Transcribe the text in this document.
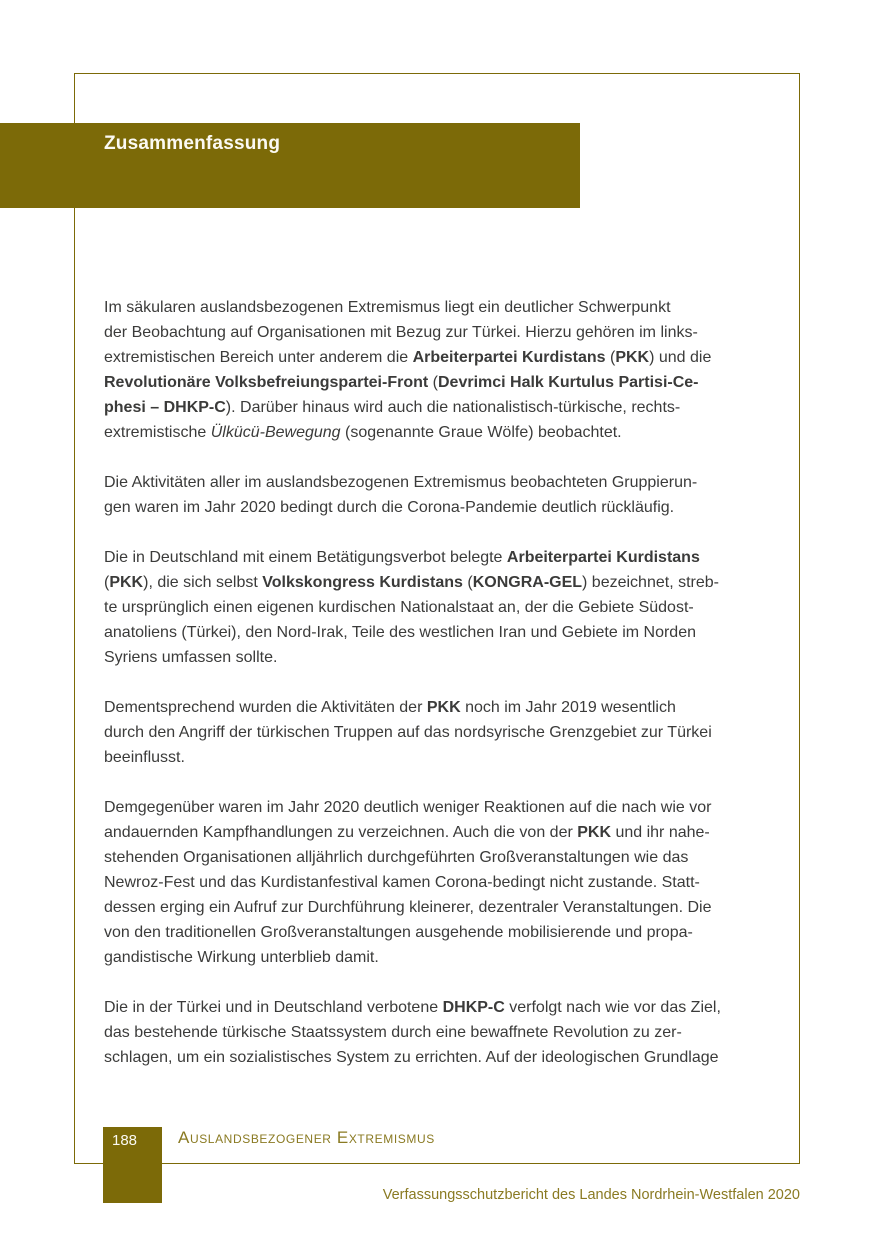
Zusammenfassung

Im säkularen auslandsbezogenen Extremismus liegt ein deutlicher Schwerpunkt
der Beobachtung auf Organisationen mit Bezug zur Türkei. Hierzu gehören im links-
extremistischen Bereich unter anderem die Arbeiterpartei Kurdistans (PKK) und die
Revolutionäre Volksbefreiungspartei-Front (Devrimci Halk Kurtulus Partisi-Ce-
phesi – DHKP-C). Darüber hinaus wird auch die nationalistisch-türkische, rechts-
extremistische Ülkücü-Bewegung (sogenannte Graue Wölfe) beobachtet.

Die Aktivitäten aller im auslandsbezogenen Extremismus beobachteten Gruppierun-
gen waren im Jahr 2020 bedingt durch die Corona-Pandemie deutlich rückläufig.

Die in Deutschland mit einem Betätigungsverbot belegte Arbeiterpartei Kurdistans
(PKK), die sich selbst Volkskongress Kurdistans (KONGRA-GEL) bezeichnet, streb-
te ursprünglich einen eigenen kurdischen Nationalstaat an, der die Gebiete Südost-
anatoliens (Türkei), den Nord-Irak, Teile des westlichen Iran und Gebiete im Norden
Syriens umfassen sollte.

Dementsprechend wurden die Aktivitäten der PKK noch im Jahr 2019 wesentlich
durch den Angriff der türkischen Truppen auf das nordsyrische Grenzgebiet zur Türkei
beeinflusst.

Demgegenüber waren im Jahr 2020 deutlich weniger Reaktionen auf die nach wie vor
andauernden Kampfhandlungen zu verzeichnen. Auch die von der PKK und ihr nahe-
stehenden Organisationen alljährlich durchgeführten Großveranstaltungen wie das
Newroz-Fest und das Kurdistanfestival kamen Corona-bedingt nicht zustande. Statt-
dessen erging ein Aufruf zur Durchführung kleinerer, dezentraler Veranstaltungen. Die
von den traditionellen Großveranstaltungen ausgehende mobilisierende und propa-
gandistische Wirkung unterblieb damit.

Die in der Türkei und in Deutschland verbotene DHKP-C verfolgt nach wie vor das Ziel,
das bestehende türkische Staatssystem durch eine bewaffnete Revolution zu zer-
schlagen, um ein sozialistisches System zu errichten. Auf der ideologischen Grundlage

188	Auslandsbezogener Extremismus
Verfassungsschutzbericht des Landes Nordrhein-Westfalen 2020
